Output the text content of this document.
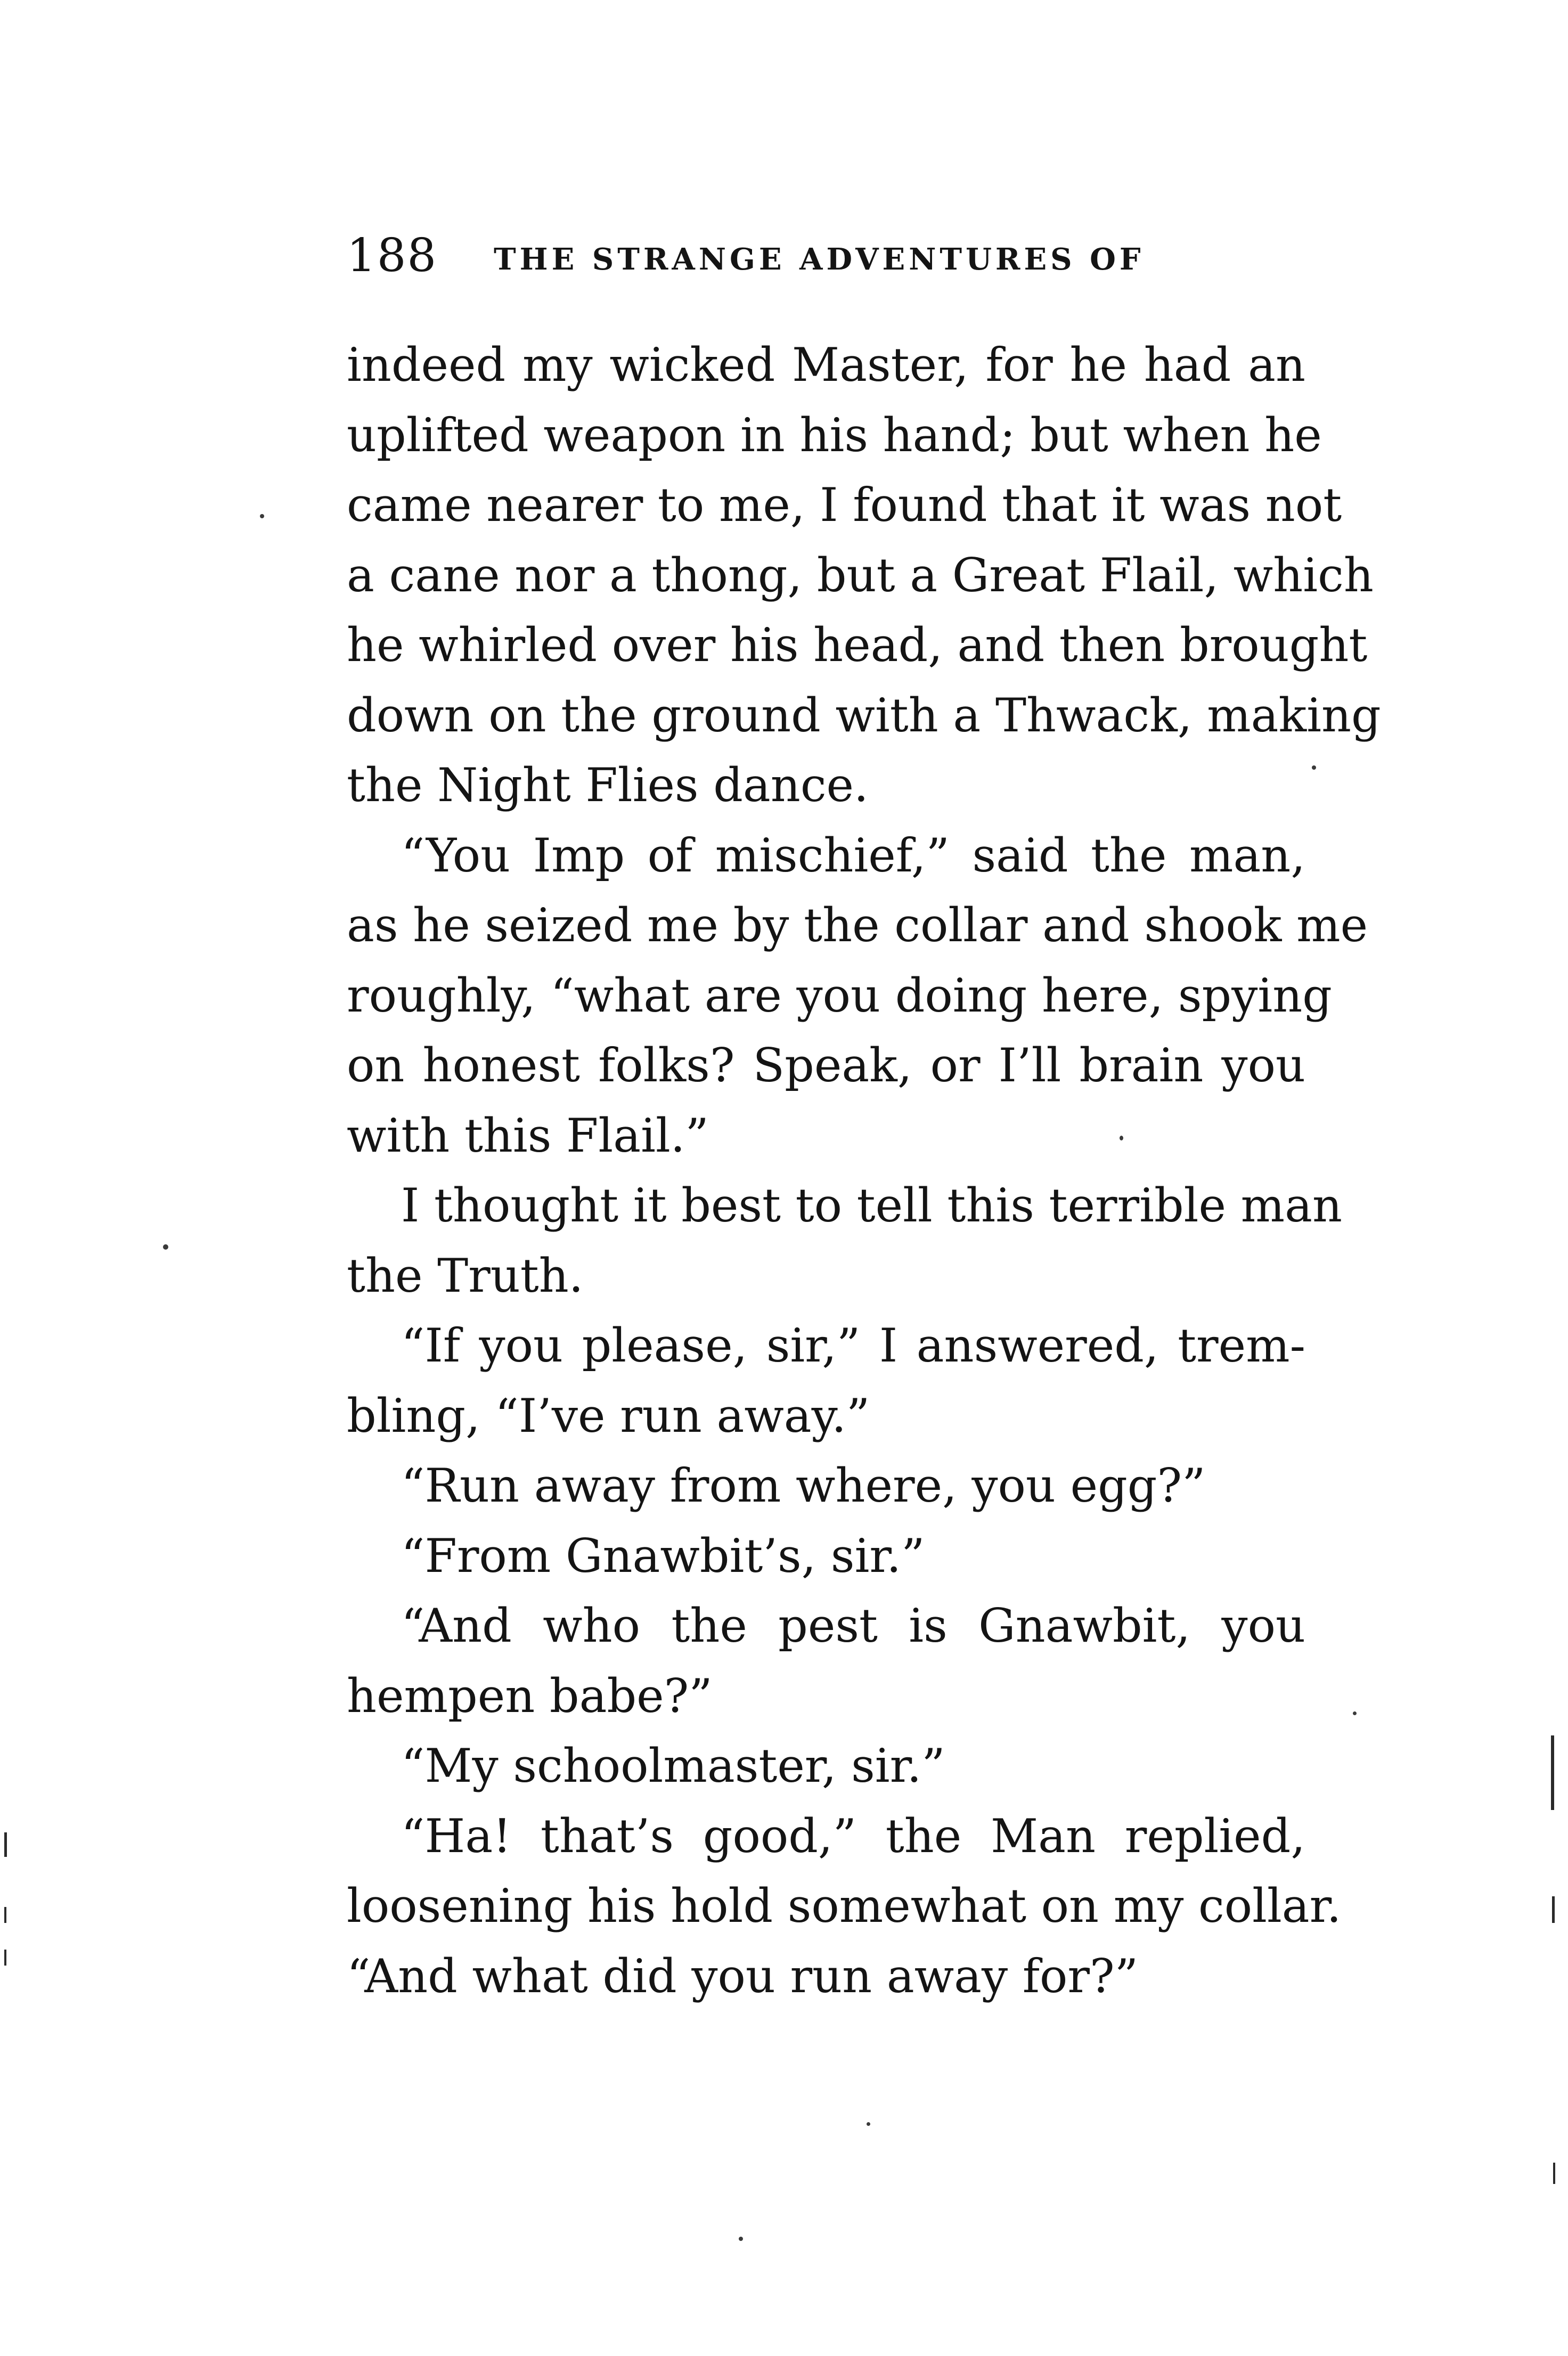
188 THE STRANGE ADVENTURES OF
indeed my wicked Master, for he had an
uplifted weapon in his hand; but when he
came nearer to me, I found that it was not
a cane nor a thong, but a Great Flail, which
he whirled over his head, and then brought
down on the ground with a Thwack, making
the Night Flies dance.
“You Imp of mischief,” said the man,
as he seized me by the collar and shook me
roughly, “what are you doing here, spying
on honest folks? Speak, or I’ll brain you
with this Flail.”
I thought it best to tell this terrible man
the Truth.
“If you please, sir,” I answered, trem-
bling, “I’ve run away.”
“Run away from where, you egg?”
“From Gnawbit’s, sir.”
“And who the pest is Gnawbit, you
hempen babe?”
“My schoolmaster, sir.”
“Ha! that’s good,” the Man replied,
loosening his hold somewhat on my collar.
“And what did you run away for?”
